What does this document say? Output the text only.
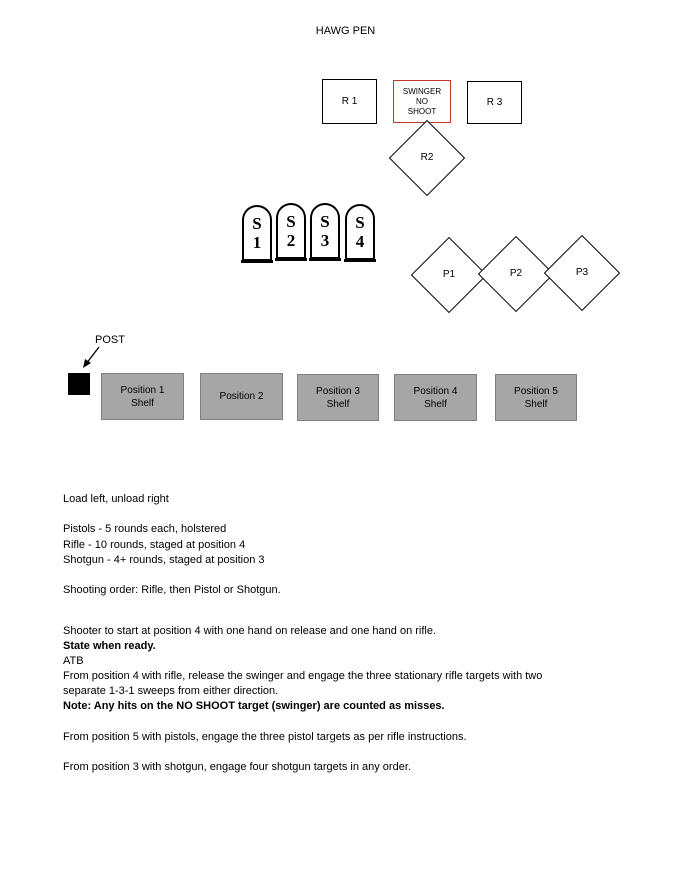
HAWG PEN
R 1
SWINGER
NO
SHOOT
R 3
R2
S
1
S
2
S
3
S
4
P1	P2	P3
POST
Position 1
Shelf
Position 2	Position 3
Shelf
Position 4
Shelf
Position 5
Shelf
Load left, unload right
Pistols - 5 rounds each, holstered
Rifle - 10 rounds, staged at position 4
Shotgun - 4+ rounds, staged at position 3
Shooting order: Rifle, then Pistol or Shotgun.
Shooter to start at position 4 with one hand on release and one hand on rifle.
State when ready.
ATB
From position 4 with rifle, release the swinger and engage the three stationary rifle targets with two
separate 1-3-1 sweeps from either direction.
Note: Any hits on the NO SHOOT target (swinger) are counted as misses.
From position 5 with pistols, engage the three pistol targets as per rifle instructions.
From position 3 with shotgun, engage four shotgun targets in any order.
